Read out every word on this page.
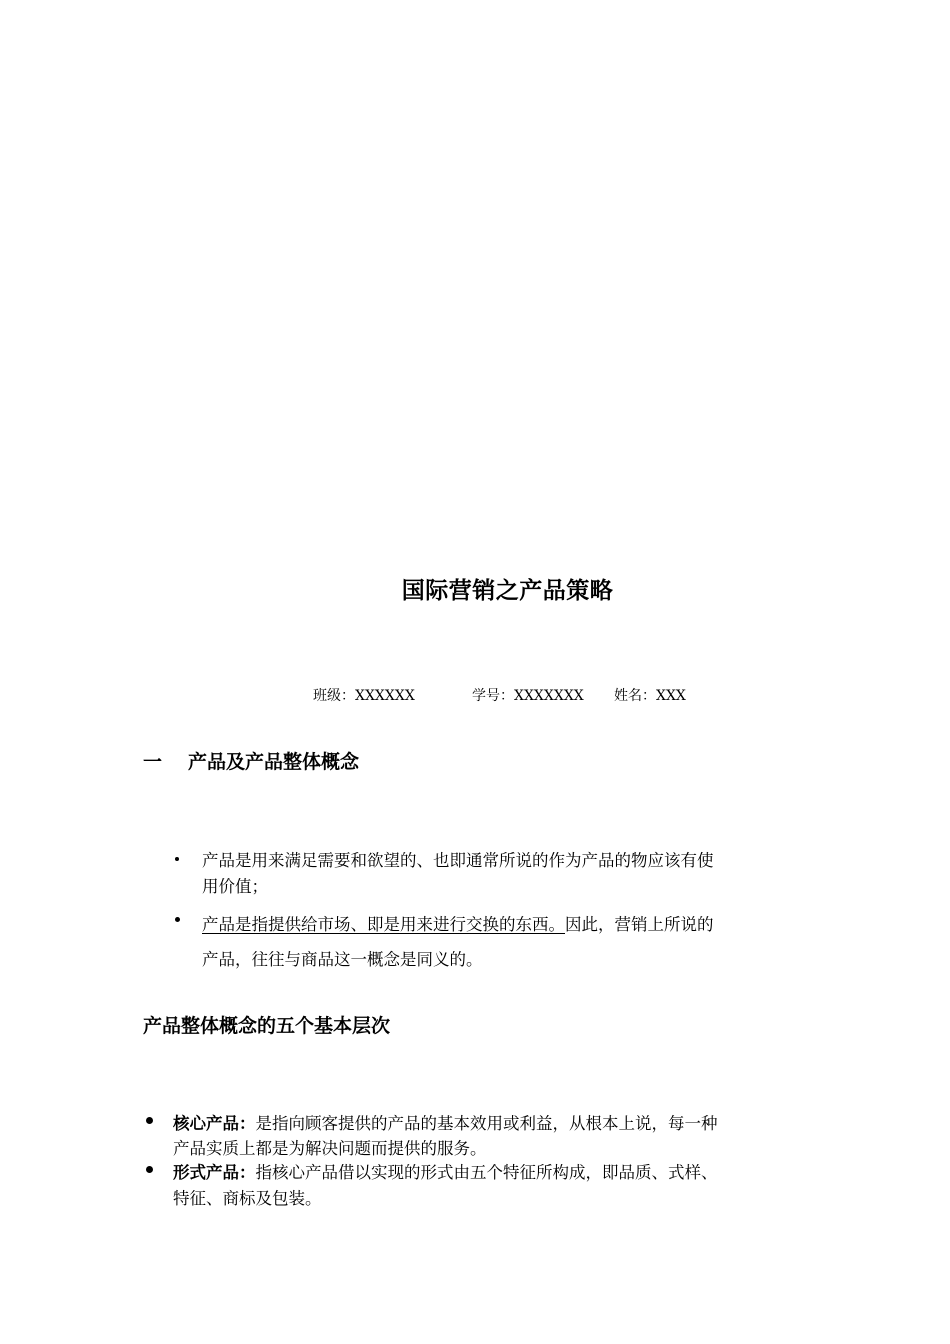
国际营销之产品策略
班级：XXXXXX	学号：XXXXXXX 姓名：XXX
一 产品及产品整体概念
产品是用来满足需要和欲望的、也即通常所说的作为产品的物应该有使
用价值；
产品是指提供给市场、即是用来进行交换的东西。因此，营销上所说的
产品，往往与商品这一概念是同义的。
产品整体概念的五个基本层次
核心产品：是指向顾客提供的产品的基本效用或利益，从根本上说，每一种
产品实质上都是为解决问题而提供的服务。
形式产品：指核心产品借以实现的形式由五个特征所构成，即品质、式样、
特征、商标及包装。
